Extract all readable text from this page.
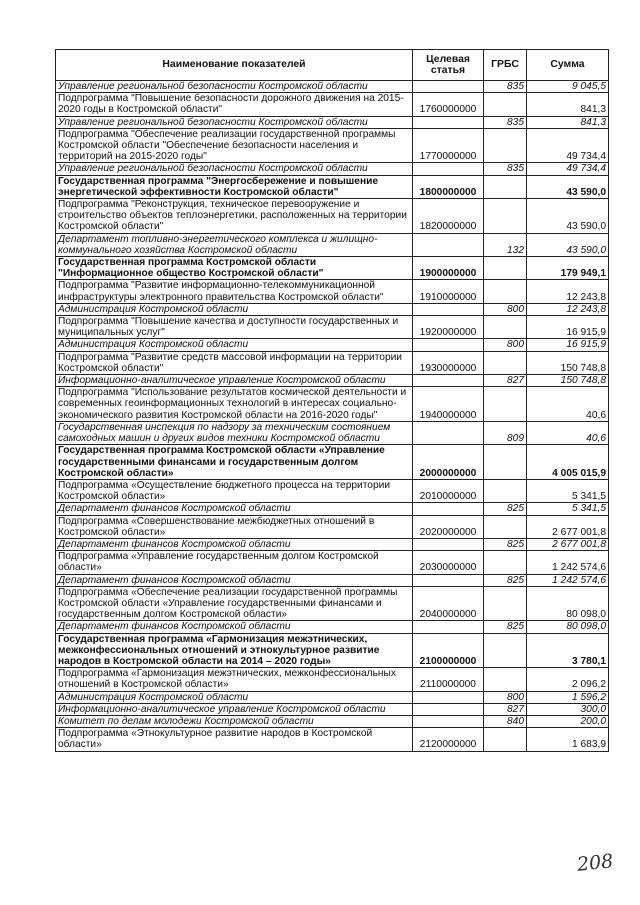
Наименование показателей	Целевая статья	ГРБС	Сумма
Управление региональной безопасности Костромской области		835	9 045,5
Подпрограмма "Повышение безопасности дорожного движения на 2015-2020 годы в Костромской области"	1760000000		841,3
Управление региональной безопасности Костромской области		835	841,3
Подпрограмма "Обеспечение реализации государственной программы Костромской области "Обеспечение безопасности населения и территорий на 2015-2020 годы"	1770000000		49 734,4
Управление региональной безопасности Костромской области		835	49 734,4
Государственная программа "Энергосбережение и повышение энергетической эффективности Костромской области"	1800000000		43 590,0
Подпрограмма "Реконструкция, техническое перевооружение и строительство объектов теплоэнергетики, расположенных на территории Костромской области"	1820000000		43 590,0
Департамент топливно-энергетического комплекса и жилищно-коммунального хозяйства Костромской области		132	43 590,0
Государственная программа Костромской области "Информационное общество Костромской области"	1900000000		179 949,1
Подпрограмма "Развитие информационно-телекоммуникационной инфраструктуры электронного правительства Костромской области"	1910000000		12 243,8
Администрация Костромской области		800	12 243,8
Подпрограмма "Повышение качества и доступности государственных и муниципальных услуг"	1920000000		16 915,9
Администрация Костромской области		800	16 915,9
Подпрограмма "Развитие средств массовой информации на территории Костромской области"	1930000000		150 748,8
Информационно-аналитическое управление Костромской области		827	150 748,8
Подпрограмма "Использование результатов космической деятельности и современных геоинформационных технологий в интересах социально-экономического развития Костромской области на 2016-2020 годы"	1940000000		40,6
Государственная инспекция по надзору за техническим состоянием самоходных машин и других видов техники Костромской области		809	40,6
Государственная программа Костромской области «Управление государственными финансами и государственным долгом Костромской области»	2000000000		4 005 015,9
Подпрограмма «Осуществление бюджетного процесса на территории Костромской области»	2010000000		5 341,5
Департамент финансов Костромской области		825	5 341,5
Подпрограмма «Совершенствование межбюджетных отношений в Костромской области»	2020000000		2 677 001,8
Департамент финансов Костромской области		825	2 677 001,8
Подпрограмма «Управление государственным долгом Костромской области»	2030000000		1 242 574,6
Департамент финансов Костромской области		825	1 242 574,6
Подпрограмма «Обеспечение реализации государственной программы Костромской области «Управление государственными финансами и государственным долгом Костромской области»	2040000000		80 098,0
Департамент финансов Костромской области		825	80 098,0
Государственная программа «Гармонизация межэтнических, межконфессиональных отношений и этнокультурное развитие народов в Костромской области на 2014 – 2020 годы»	2100000000		3 780,1
Подпрограмма «Гармонизация межэтнических, межконфессиональных отношений в Костромской области»	2110000000		2 096,2
Администрация Костромской области		800	1 596,2
Информационно-аналитическое управление Костромской области		827	300,0
Комитет по делам молодежи Костромской области		840	200,0
Подпрограмма «Этнокультурное развитие народов в Костромской области»	2120000000		1 683,9
208
